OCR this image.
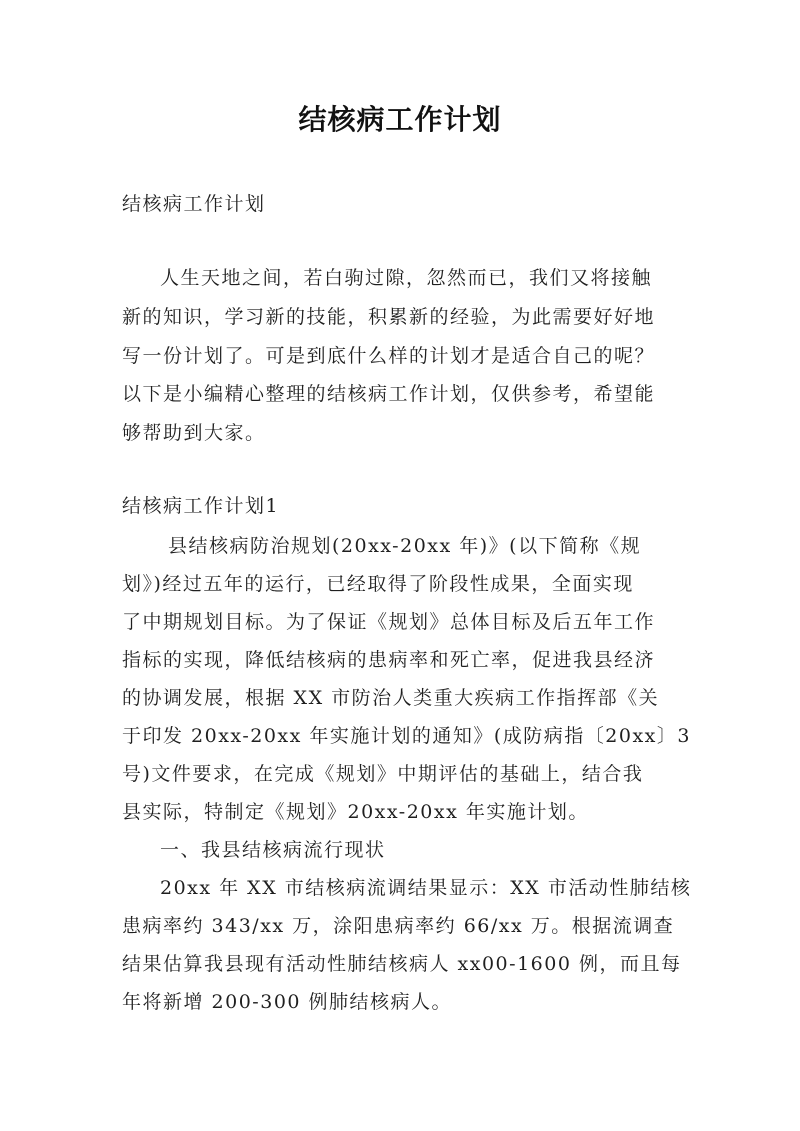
结核病工作计划
结核病工作计划
人生天地之间，若白驹过隙，忽然而已，我们又将接触
新的知识，学习新的技能，积累新的经验，为此需要好好地
写一份计划了。可是到底什么样的计划才是适合自己的呢？
以下是小编精心整理的结核病工作计划，仅供参考，希望能
够帮助到大家。
结核病工作计划1
县结核病防治规划(20xx-20xx 年)》(以下简称《规
划》)经过五年的运行，已经取得了阶段性成果，全面实现
了中期规划目标。为了保证《规划》总体目标及后五年工作
指标的实现，降低结核病的患病率和死亡率，促进我县经济
的协调发展，根据 XX 市防治人类重大疾病工作指挥部《关
于印发 20xx-20xx 年实施计划的通知》(成防病指〔20xx〕3
号)文件要求，在完成《规划》中期评估的基础上，结合我
县实际，特制定《规划》20xx-20xx 年实施计划。
一、我县结核病流行现状
20xx 年 XX 市结核病流调结果显示：XX 市活动性肺结核
患病率约 343/xx 万，涂阳患病率约 66/xx 万。根据流调查
结果估算我县现有活动性肺结核病人 xx00-1600 例，而且每
年将新增 200-300 例肺结核病人。
